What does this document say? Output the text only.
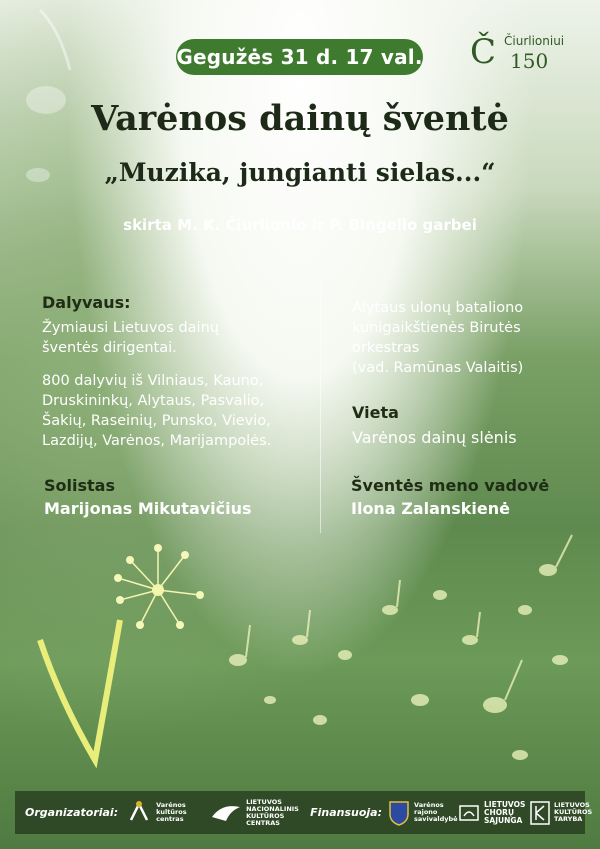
Gegužės 31 d. 17 val. Č Čiurlioniui
150
Varėnos dainų šventė
„Muzika, jungianti sielas...“
skirta M. K. Čiurlionio ir P. Bingelio garbei
Dalyvaus:
Žymiausi Lietuvos dainų
šventės dirigentai.
800 dalyvių iš Vilniaus, Kauno,
Druskininkų, Alytaus, Pasvalio,
Šakių, Raseinių, Punsko, Vievio,
Lazdijų, Varėnos, Marijampolės.
Solistas
Marijonas Mikutavičius
Alytaus ulonų bataliono
kunigaikštienės Birutės
orkestras
(vad. Ramūnas Valaitis)
Vieta
Varėnos dainų slėnis
Šventės meno vadovė
Ilona Zalanskienė
Organizatoriai:
Varėnos kultūros centras
LIETUVOS
NACIONALINIS
KULTŪROS
CENTRAS
Finansuoja:
Varėnos
rajono
savivaldybė
LIETUVOS
CHORŲ
SĄJUNGA
LIETUVOS
KULTŪROS
TARYBA
